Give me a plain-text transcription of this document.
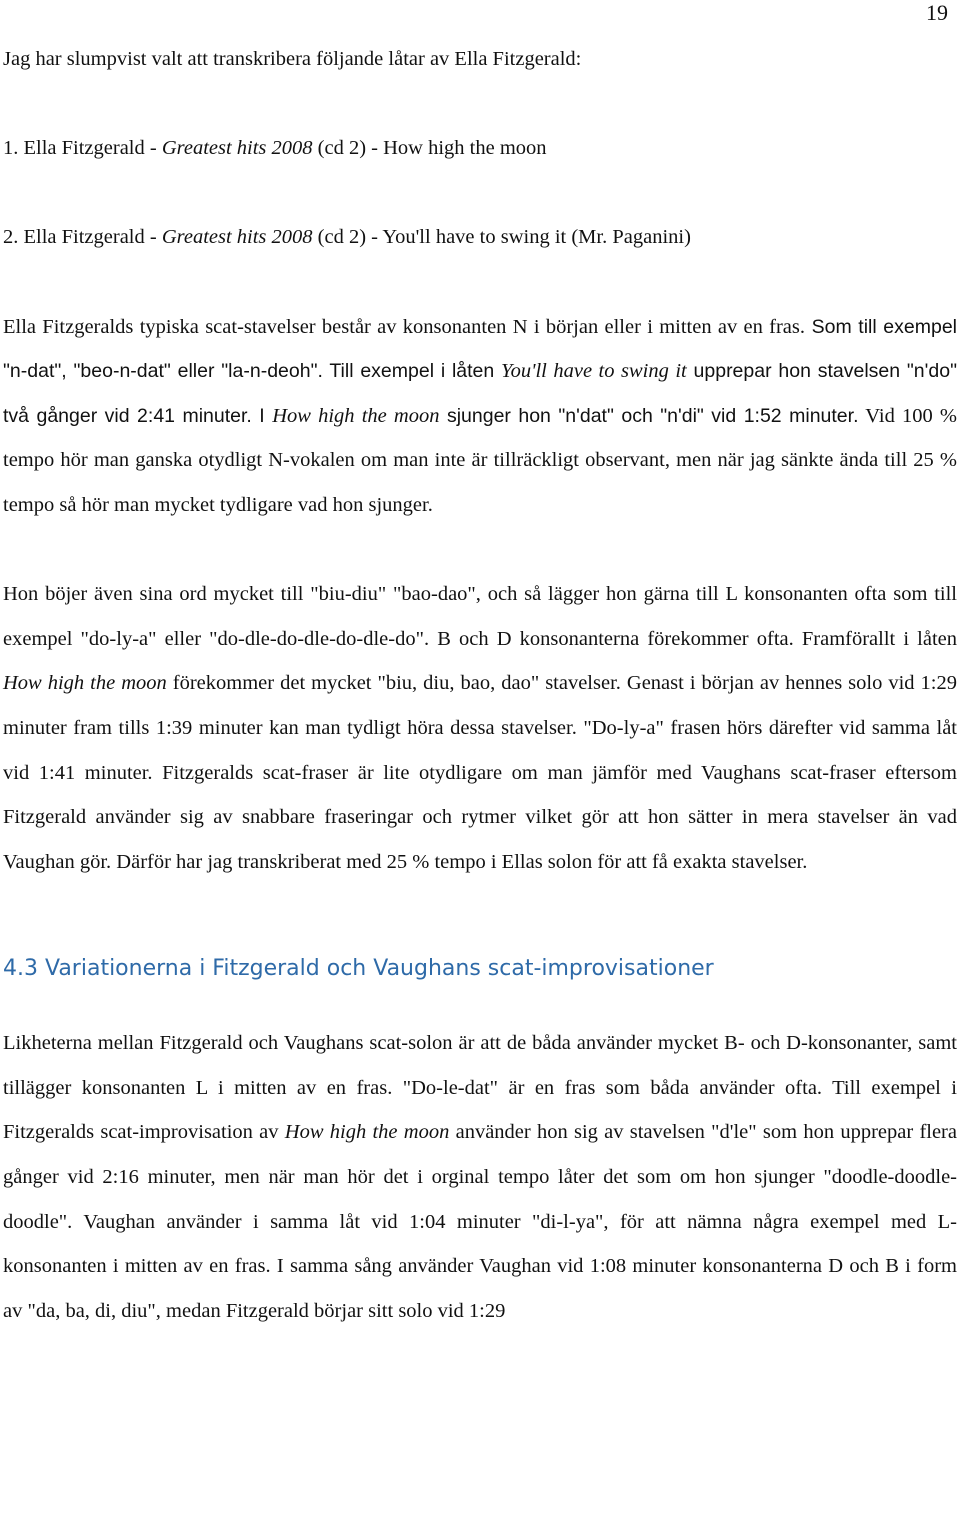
19

Jag har slumpvist valt att transkribera följande låtar av Ella Fitzgerald:

1. Ella Fitzgerald - Greatest hits 2008 (cd 2) - How high the moon

2. Ella Fitzgerald - Greatest hits 2008 (cd 2) - You'll have to swing it (Mr. Paganini)

Ella Fitzgeralds typiska scat-stavelser består av konsonanten N i början eller i mitten av en fras. Som till exempel "n-dat", "beo-n-dat" eller "la-n-deoh". Till exempel i låten You'll have to swing it upprepar hon stavelsen "n'do" två gånger vid 2:41 minuter. I How high the moon sjunger hon "n'dat" och "n'di" vid 1:52 minuter. Vid 100 % tempo hör man ganska otydligt N-vokalen om man inte är tillräckligt observant, men när jag sänkte ända till 25 % tempo så hör man mycket tydligare vad hon sjunger.

Hon böjer även sina ord mycket till "biu-diu" "bao-dao", och så lägger hon gärna till L konsonanten ofta som till exempel "do-ly-a" eller "do-dle-do-dle-do-dle-do". B och D konsonanterna förekommer ofta. Framförallt i låten How high the moon förekommer det mycket "biu, diu, bao, dao" stavelser. Genast i början av hennes solo vid 1:29 minuter fram tills 1:39 minuter kan man tydligt höra dessa stavelser. "Do-ly-a" frasen hörs därefter vid samma låt vid 1:41 minuter. Fitzgeralds scat-fraser är lite otydligare om man jämför med Vaughans scat-fraser eftersom Fitzgerald använder sig av snabbare fraseringar och rytmer vilket gör att hon sätter in mera stavelser än vad Vaughan gör. Därför har jag transkriberat med 25 % tempo i Ellas solon för att få exakta stavelser.

4.3 Variationerna i Fitzgerald och Vaughans scat-improvisationer

Likheterna mellan Fitzgerald och Vaughans scat-solon är att de båda använder mycket B- och D-konsonanter, samt tillägger konsonanten L i mitten av en fras. "Do-le-dat" är en fras som båda använder ofta. Till exempel i Fitzgeralds scat-improvisation av How high the moon använder hon sig av stavelsen "d'le" som hon upprepar flera gånger vid 2:16 minuter, men när man hör det i orginal tempo låter det som om hon sjunger "doodle-doodle-doodle". Vaughan använder i samma låt vid 1:04 minuter "di-l-ya", för att nämna några exempel med L-konsonanten i mitten av en fras. I samma sång använder Vaughan vid 1:08 minuter konsonanterna D och B i form av "da, ba, di, diu", medan Fitzgerald börjar sitt solo vid 1:29
